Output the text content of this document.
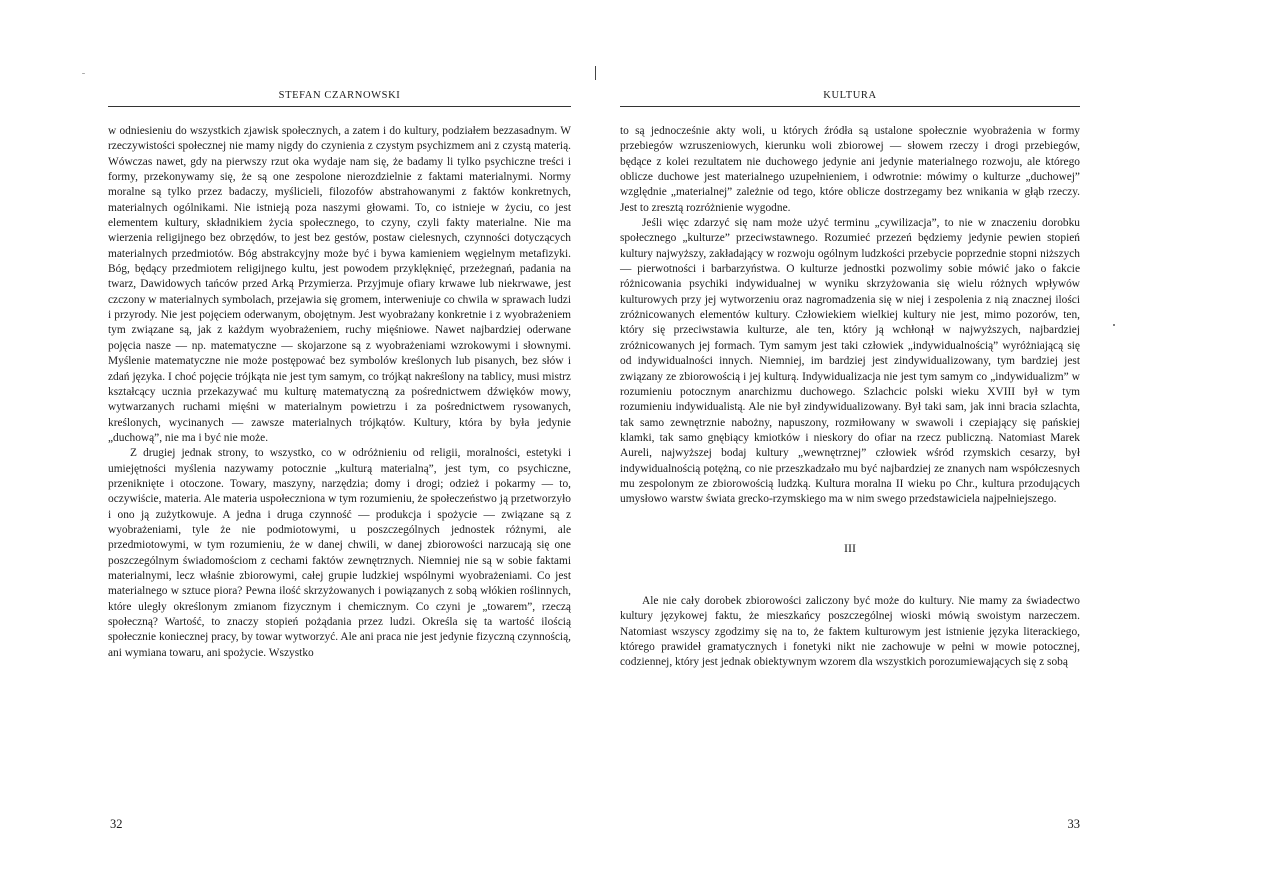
STEFAN CZARNOWSKI

w odniesieniu do wszystkich zjawisk społecznych, a zatem i do kultury, podziałem bezzasadnym. W rzeczywistości społecznej nie mamy nigdy do czynienia z czystym psychizmem ani z czystą materią. Wówczas nawet, gdy na pierwszy rzut oka wydaje nam się, że badamy li tylko psychiczne treści i formy, przekonywamy się, że są one zespolone nierozdzielnie z faktami materialnymi. Normy moralne są tylko przez badaczy, myślicieli, filozofów abstrahowanymi z faktów konkretnych, materialnych ogólnikami. Nie istnieją poza naszymi głowami. To, co istnieje w życiu, co jest elementem kultury, składnikiem życia społecznego, to czyny, czyli fakty materialne. Nie ma wierzenia religijnego bez obrzędów, to jest bez gestów, postaw cielesnych, czynności dotyczących materialnych przedmiotów. Bóg abstrakcyjny może być i bywa kamieniem węgielnym metafizyki. Bóg, będący przedmiotem religijnego kultu, jest powodem przyklęknięć, przeżegnań, padania na twarz, Dawidowych tańców przed Arką Przymierza. Przyjmuje ofiary krwawe lub niekrwawe, jest czczony w materialnych symbolach, przejawia się gromem, interweniuje co chwila w sprawach ludzi i przyrody. Nie jest pojęciem oderwanym, obojętnym. Jest wyobrażany konkretnie i z wyobrażeniem tym związane są, jak z każdym wyobrażeniem, ruchy mięśniowe. Nawet najbardziej oderwane pojęcia nasze — np. matematyczne — skojarzone są z wyobrażeniami wzrokowymi i słownymi. Myślenie matematyczne nie może postępować bez symbolów kreślonych lub pisanych, bez słów i zdań języka. I choć pojęcie trójkąta nie jest tym samym, co trójkąt nakreślony na tablicy, musi mistrz kształcący ucznia przekazywać mu kulturę matematyczną za pośrednictwem dźwięków mowy, wytwarzanych ruchami mięśni w materialnym powietrzu i za pośrednictwem rysowanych, kreślonych, wycinanych — zawsze materialnych trójkątów. Kultury, która by była jedynie „duchową”, nie ma i być nie może.

Z drugiej jednak strony, to wszystko, co w odróżnieniu od religii, moralności, estetyki i umiejętności myślenia nazywamy potocznie „kulturą materialną”, jest tym, co psychiczne, przeniknięte i otoczone. Towary, maszyny, narzędzia; domy i drogi; odzież i pokarmy — to, oczywiście, materia. Ale materia uspołeczniona w tym rozumieniu, że społeczeństwo ją przetworzyło i ono ją zużytkowuje. A jedna i druga czynność — produkcja i spożycie — związane są z wyobrażeniami, tyle że nie podmiotowymi, u poszczególnych jednostek różnymi, ale przedmiotowymi, w tym rozumieniu, że w danej chwili, w danej zbiorowości narzucają się one poszczególnym świadomościom z cechami faktów zewnętrznych. Niemniej nie są w sobie faktami materialnymi, lecz właśnie zbiorowymi, całej grupie ludzkiej wspólnymi wyobrażeniami. Co jest materialnego w sztuce piora? Pewna ilość skrzyżowanych i powiązanych z sobą włókien roślinnych, które uległy określonym zmianom fizycznym i chemicznym. Co czyni je „towarem”, rzeczą społeczną? Wartość, to znaczy stopień pożądania przez ludzi. Określa się ta wartość ilością społecznie koniecznej pracy, by towar wytworzyć. Ale ani praca nie jest jedynie fizyczną czynnością, ani wymiana towaru, ani spożycie. Wszystko

32
KULTURA

to są jednocześnie akty woli, u których źródła są ustalone społecznie wyobrażenia w formy przebiegów wzruszeniowych, kierunku woli zbiorowej — słowem rzeczy i drogi przebiegów, będące z kolei rezultatem nie duchowego jedynie ani jedynie materialnego rozwoju, ale którego oblicze duchowe jest materialnego uzupełnieniem, i odwrotnie: mówimy o kulturze „duchowej” względnie „materialnej” zależnie od tego, które oblicze dostrzegamy bez wnikania w głąb rzeczy. Jest to zresztą rozróżnienie wygodne.

Jeśli więc zdarzyć się nam może użyć terminu „cywilizacja”, to nie w znaczeniu dorobku społecznego „kulturze” przeciwstawnego. Rozumieć przezeń będziemy jedynie pewien stopień kultury najwyższy, zakładający w rozwoju ogólnym ludzkości przebycie poprzednie stopni niższych — pierwotności i barbarzyństwa. O kulturze jednostki pozwolimy sobie mówić jako o fakcie różnicowania psychiki indywidualnej w wyniku skrzyżowania się wielu różnych wpływów kulturowych przy jej wytworzeniu oraz nagromadzenia się w niej i zespolenia z nią znacznej ilości zróżnicowanych elementów kultury. Człowiekiem wielkiej kultury nie jest, mimo pozorów, ten, który się przeciwstawia kulturze, ale ten, który ją wchłonął w najwyższych, najbardziej zróżnicowanych jej formach. Tym samym jest taki człowiek „indywidualnością” wyróżniającą się od indywidualności innych. Niemniej, im bardziej jest zindywidualizowany, tym bardziej jest związany ze zbiorowością i jej kulturą. Indywidualizacja nie jest tym samym co „indywidualizm” w rozumieniu potocznym anarchizmu duchowego. Szlachcic polski wieku XVIII był w tym rozumieniu indywidualistą. Ale nie był zindywidualizowany. Był taki sam, jak inni bracia szlachta, tak samo zewnętrznie nabożny, napuszony, rozmiłowany w swawoli i czepiający się pańskiej klamki, tak samo gnębiący kmiotków i nieskory do ofiar na rzecz publiczną. Natomiast Marek Aureli, najwyższej bodaj kultury „wewnętrznej” człowiek wśród rzymskich cesarzy, był indywidualnością potężną, co nie przeszkadzało mu być najbardziej ze znanych nam współczesnych mu zespolonym ze zbiorowością ludzką. Kultura moralna II wieku po Chr., kultura przodujących umysłowo warstw świata grecko-rzymskiego ma w nim swego przedstawiciela najpełniejszego.

III

Ale nie cały dorobek zbiorowości zaliczony być może do kultury. Nie mamy za świadectwo kultury językowej faktu, że mieszkańcy poszczególnej wioski mówią swoistym narzeczem. Natomiast wszyscy zgodzimy się na to, że faktem kulturowym jest istnienie języka literackiego, którego prawideł gramatycznych i fonetyki nikt nie zachowuje w pełni w mowie potocznej, codziennej, który jest jednak obiektywnym wzorem dla wszystkich porozumiewających się z sobą

33
